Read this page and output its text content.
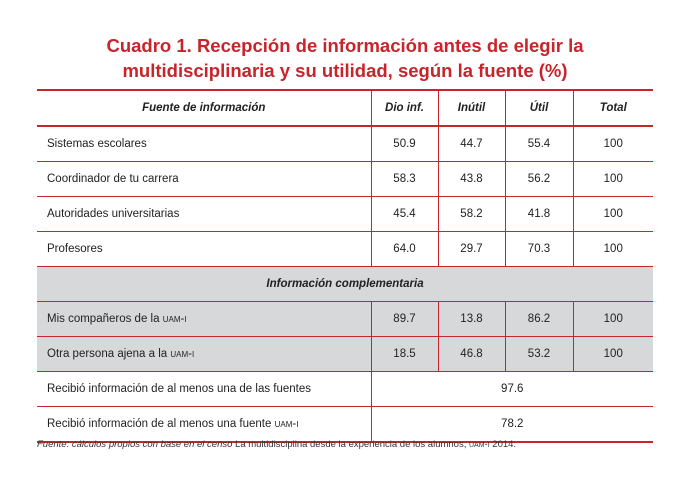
Cuadro 1. Recepción de información antes de elegir la
multidisciplinaria y su utilidad, según la fuente (%)
Fuente de información	Dio inf.	Inútil	Útil	Total
Sistemas escolares	50.9	44.7	55.4	100
Coordinador de tu carrera	58.3	43.8	56.2	100
Autoridades universitarias	45.4	58.2	41.8	100
Profesores	64.0	29.7	70.3	100
Información complementaria				
Mis compañeros de la uam-i	89.7	13.8	86.2	100
Otra persona ajena a la uam-i	18.5	46.8	53.2	100
Recibió información de al menos una de las fuentes	97.6			
Recibió información de al menos una fuente uam-i	78.2			

Fuente: cálculos propios con base en el censo La multidisciplina desde la experiencia de los alumnos, uam-i 2014.
